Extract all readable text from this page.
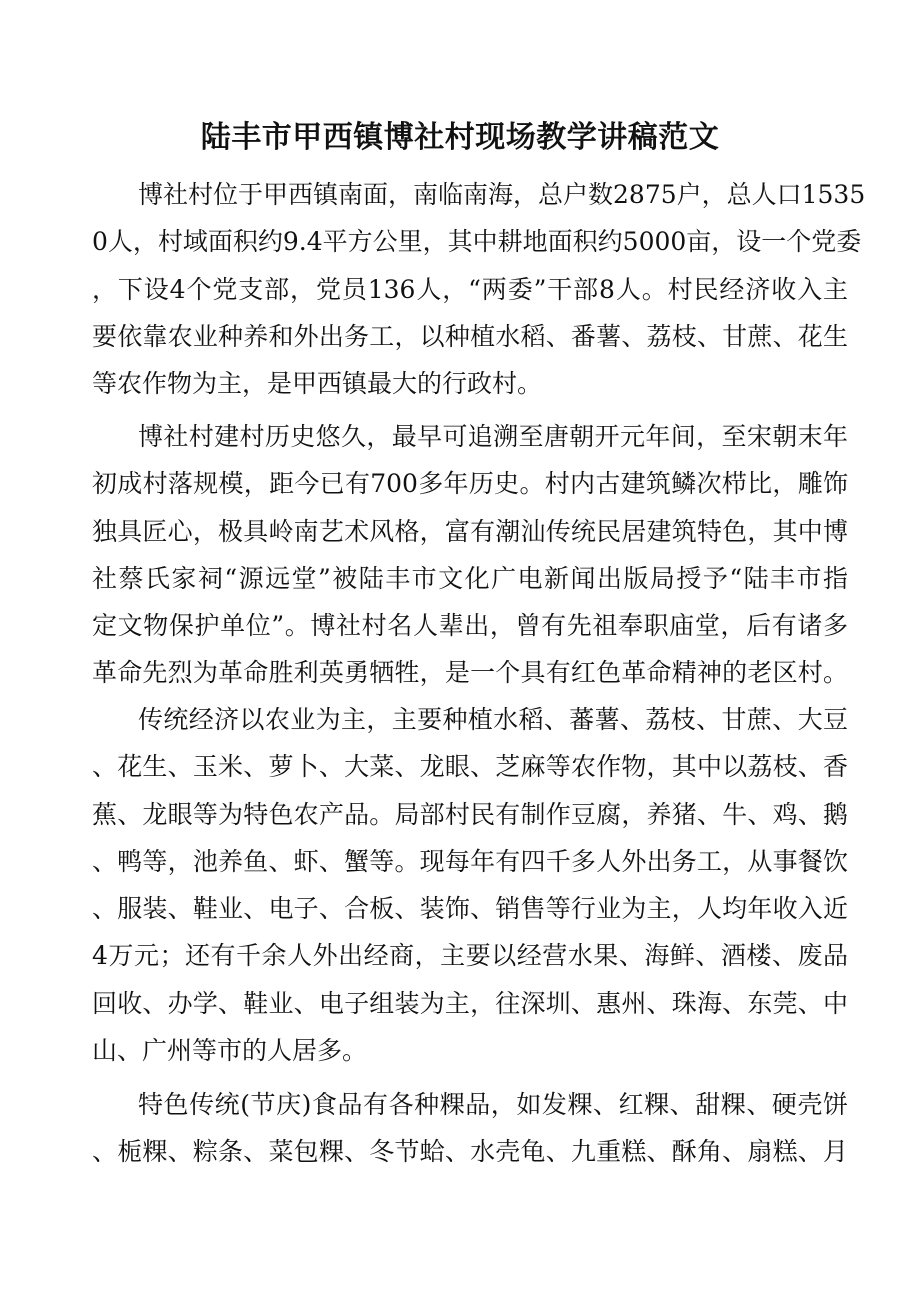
陆丰市甲西镇博社村现场教学讲稿范文
博社村位于甲西镇南面，南临南海，总户数2875户，总人口1535
0人，村域面积约9.4平方公里，其中耕地面积约5000亩，设一个党委
，下设4个党支部，党员136人，“两委”干部8人。村民经济收入主
要依靠农业种养和外出务工，以种植水稻、番薯、荔枝、甘蔗、花生
等农作物为主，是甲西镇最大的行政村。
博社村建村历史悠久，最早可追溯至唐朝开元年间，至宋朝末年
初成村落规模，距今已有700多年历史。村内古建筑鳞次栉比，雕饰
独具匠心，极具岭南艺术风格，富有潮汕传统民居建筑特色，其中博
社蔡氏家祠“源远堂”被陆丰市文化广电新闻出版局授予“陆丰市指
定文物保护单位”。博社村名人辈出，曾有先祖奉职庙堂，后有诸多
革命先烈为革命胜利英勇牺牲，是一个具有红色革命精神的老区村。
传统经济以农业为主，主要种植水稻、蕃薯、荔枝、甘蔗、大豆
、花生、玉米、萝卜、大菜、龙眼、芝麻等农作物，其中以荔枝、香
蕉、龙眼等为特色农产品。局部村民有制作豆腐，养猪、牛、鸡、鹅
、鸭等，池养鱼、虾、蟹等。现每年有四千多人外出务工，从事餐饮
、服装、鞋业、电子、合板、装饰、销售等行业为主，人均年收入近
4万元；还有千余人外出经商，主要以经营水果、海鲜、酒楼、废品
回收、办学、鞋业、电子组装为主，往深圳、惠州、珠海、东莞、中
山、广州等市的人居多。
特色传统(节庆)食品有各种粿品，如发粿、红粿、甜粿、硬壳饼
、栀粿、粽条、菜包粿、冬节蛤、水壳龟、九重糕、酥角、扇糕、月
